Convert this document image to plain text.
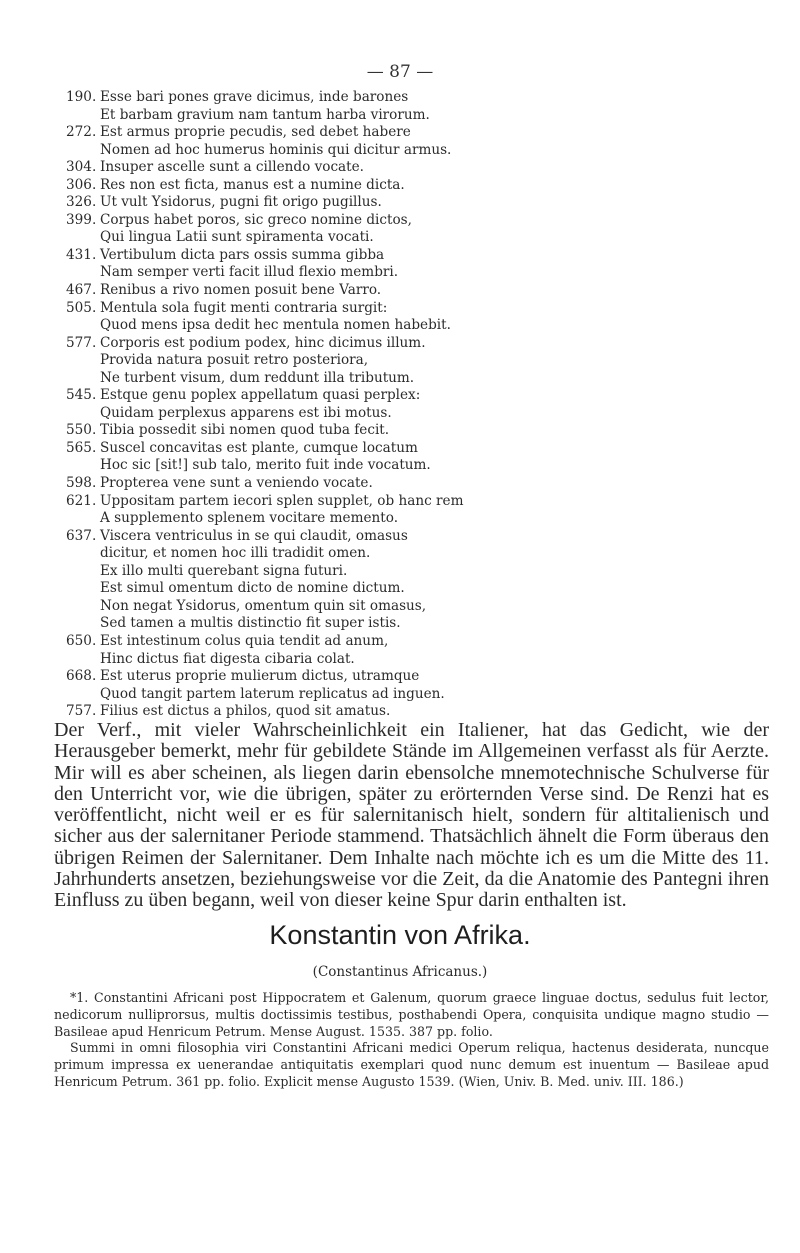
— 87 —
190. Esse bari pones grave dicimus, inde barones
Et barbam gravium nam tantum harba virorum.
272. Est armus proprie pecudis, sed debet habere
Nomen ad hoc humerus hominis qui dicitur armus.
304. Insuper ascelle sunt a cillendo vocate.
306. Res non est ficta, manus est a numine dicta.
326. Ut vult Ysidorus, pugni fit origo pugillus.
399. Corpus habet poros, sic greco nomine dictos,
Qui lingua Latii sunt spiramenta vocati.
431. Vertibulum dicta pars ossis summa gibba
Nam semper verti facit illud flexio membri.
467. Renibus a rivo nomen posuit bene Varro.
505. Mentula sola fugit menti contraria surgit:
Quod mens ipsa dedit hec mentula nomen habebit.
577. Corporis est podium podex, hinc dicimus illum.
Provida natura posuit retro posteriora,
Ne turbent visum, dum reddunt illa tributum.
545. Estque genu poplex appellatum quasi perplex:
Quidam perplexus apparens est ibi motus.
550. Tibia possedit sibi nomen quod tuba fecit.
565. Suscel concavitas est plante, cumque locatum
Hoc sic [sit!] sub talo, merito fuit inde vocatum.
598. Propterea vene sunt a veniendo vocate.
621. Uppositam partem iecori splen supplet, ob hanc rem
A supplemento splenem vocitare memento.
637. Viscera ventriculus in se qui claudit, omasus
dicitur, et nomen hoc illi tradidit omen.
Ex illo multi querebant signa futuri.
Est simul omentum dicto de nomine dictum.
Non negat Ysidorus, omentum quin sit omasus,
Sed tamen a multis distinctio fit super istis.
650. Est intestinum colus quia tendit ad anum,
Hinc dictus fiat digesta cibaria colat.
668. Est uterus proprie mulierum dictus, utramque
Quod tangit partem laterum replicatus ad inguen.
757. Filius est dictus a philos, quod sit amatus.

Der Verf., mit vieler Wahrscheinlichkeit ein Italiener, hat das Gedicht, wie der Herausgeber bemerkt, mehr für gebildete Stände im Allgemeinen verfasst als für Aerzte. Mir will es aber scheinen, als liegen darin ebensolche mnemotechnische Schulverse für den Unterricht vor, wie die übrigen, später zu erörternden Verse sind. De Renzi hat es veröffentlicht, nicht weil er es für salernitanisch hielt, sondern für altitalienisch und sicher aus der salernitaner Periode stammend. Thatsächlich ähnelt die Form überaus den übrigen Reimen der Salernitaner. Dem Inhalte nach möchte ich es um die Mitte des 11. Jahrhunderts ansetzen, beziehungsweise vor die Zeit, da die Anatomie des Pantegni ihren Einfluss zu üben begann, weil von dieser keine Spur darin enthalten ist.

Konstantin von Afrika.
(Constantinus Africanus.)

*1. Constantini Africani post Hippocratem et Galenum, quorum graece linguae doctus, sedulus fuit lector, nedicorum nulliprorsus, multis doctissimis testibus, posthabendi Opera, conquisita undique magno studio — Basileae apud Henricum Petrum. Mense August. 1535. 387 pp. folio.

Summi in omni filosophia viri Constantini Africani medici Operum reliqua, hactenus desiderata, nuncque primum impressa ex uenerandae antiquitatis exemplari quod nunc demum est inuentum — Basileae apud Henricum Petrum. 361 pp. folio. Explicit mense Augusto 1539. (Wien, Univ. B. Med. univ. III. 186.)
